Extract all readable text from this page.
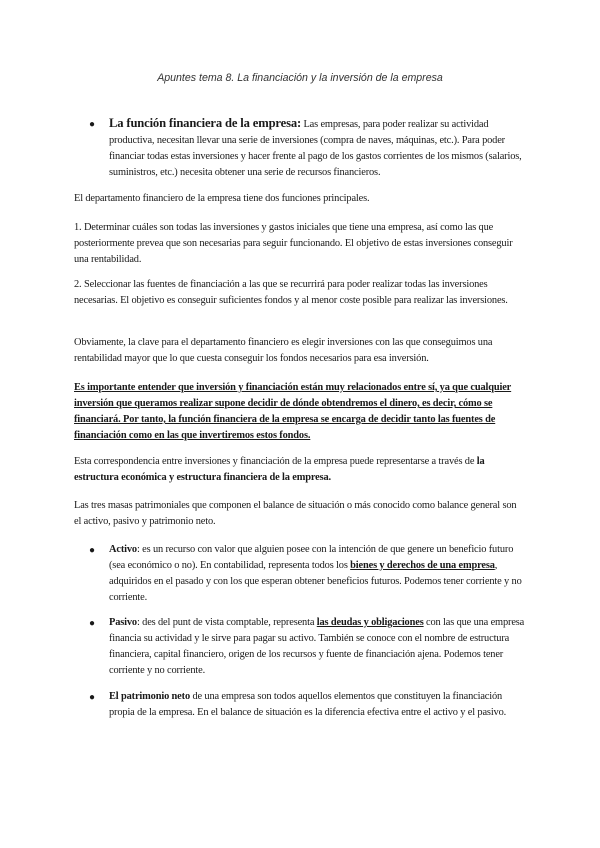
Apuntes tema 8. La financiación y la inversión de la empresa
● La función financiera de la empresa: Las empresas, para poder realizar su actividad productiva, necesitan llevar una serie de inversiones (compra de naves, máquinas, etc.). Para poder financiar todas estas inversiones y hacer frente al pago de los gastos corrientes de los mismos (salarios, suministros, etc.) necesita obtener una serie de recursos financieros.
El departamento financiero de la empresa tiene dos funciones principales.
1. Determinar cuáles son todas las inversiones y gastos iniciales que tiene una empresa, así como las que posteriormente prevea que son necesarias para seguir funcionando. El objetivo de estas inversiones conseguir una rentabilidad.
2. Seleccionar las fuentes de financiación a las que se recurrirá para poder realizar todas las inversiones necesarias. El objetivo es conseguir suficientes fondos y al menor coste posible para realizar las inversiones.
Obviamente, la clave para el departamento financiero es elegir inversiones con las que conseguimos una rentabilidad mayor que lo que cuesta conseguir los fondos necesarios para esa inversión.
Es importante entender que inversión y financiación están muy relacionados entre sí, ya que cualquier inversión que queramos realizar supone decidir de dónde obtendremos el dinero, es decir, cómo se financiará. Por tanto, la función financiera de la empresa se encarga de decidir tanto las fuentes de financiación como en las que invertiremos estos fondos.
Esta correspondencia entre inversiones y financiación de la empresa puede representarse a través de la estructura económica y estructura financiera de la empresa.
Las tres masas patrimoniales que componen el balance de situación o más conocido como balance general son el activo, pasivo y patrimonio neto.
● Activo: es un recurso con valor que alguien posee con la intención de que genere un beneficio futuro (sea económico o no). En contabilidad, representa todos los bienes y derechos de una empresa, adquiridos en el pasado y con los que esperan obtener beneficios futuros. Podemos tener corriente y no corriente.
● Pasivo: des del punt de vista comptable, representa las deudas y obligaciones con las que una empresa financia su actividad y le sirve para pagar su activo. También se conoce con el nombre de estructura financiera, capital financiero, origen de los recursos y fuente de financiación ajena. Podemos tener corriente y no corriente.
● El patrimonio neto de una empresa son todos aquellos elementos que constituyen la financiación propia de la empresa. En el balance de situación es la diferencia efectiva entre el activo y el pasivo.
